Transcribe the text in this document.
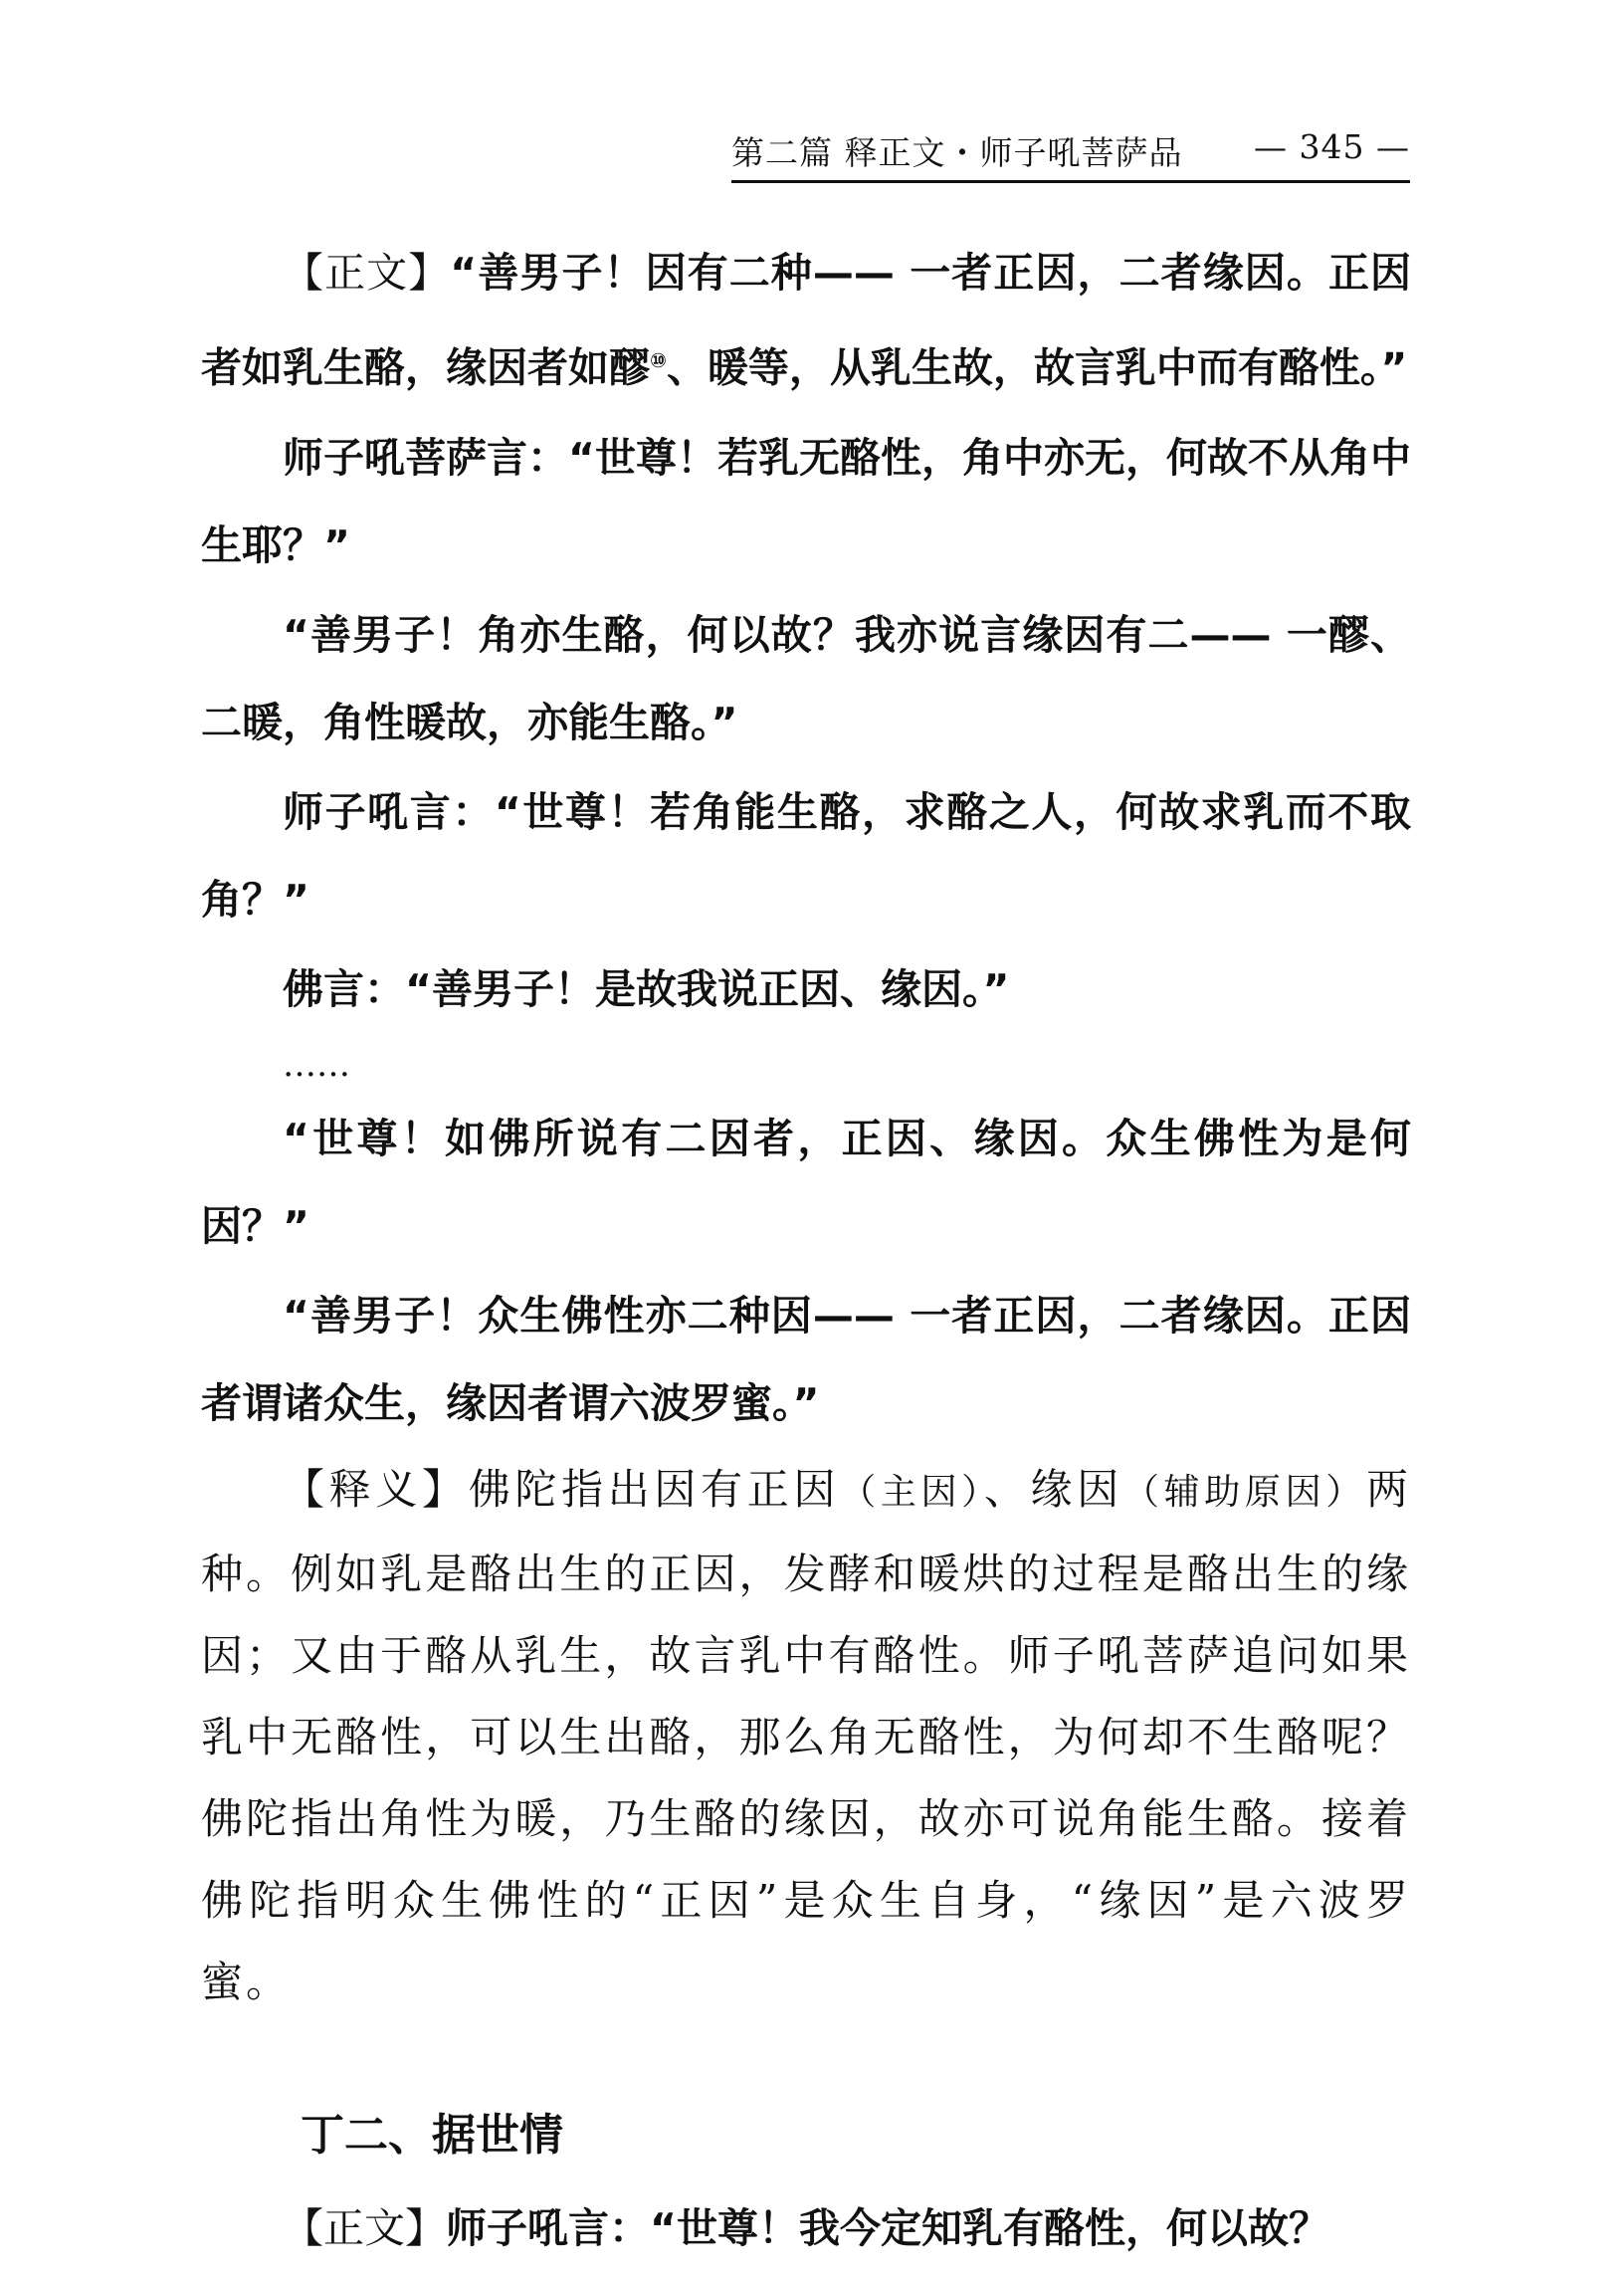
第二篇 释正文・师子吼菩萨品 — 345 —

【正文】“善男子！因有二种—— 一者正因，二者缘因。正因者如乳生酪，缘因者如醪⑩、暖等，从乳生故，故言乳中而有酪性。”

师子吼菩萨言：“世尊！若乳无酪性，角中亦无，何故不从角中生耶？”

“善男子！角亦生酪，何以故？我亦说言缘因有二—— 一醪、二暖，角性暖故，亦能生酪。”

师子吼言：“世尊！若角能生酪，求酪之人，何故求乳而不取角？”

佛言：“善男子！是故我说正因、缘因。”

……

“世尊！如佛所说有二因者，正因、缘因。众生佛性为是何因？”

“善男子！众生佛性亦二种因—— 一者正因，二者缘因。正因者谓诸众生，缘因者谓六波罗蜜。”

【释义】佛陀指出因有正因（主因）、缘因（辅助原因）两种。例如乳是酪出生的正因，发酵和暖烘的过程是酪出生的缘因；又由于酪从乳生，故言乳中有酪性。师子吼菩萨追问如果乳中无酪性，可以生出酪，那么角无酪性，为何却不生酪呢？佛陀指出角性为暖，乃生酪的缘因，故亦可说角能生酪。接着佛陀指明众生佛性的“正因”是众生自身，“缘因”是六波罗蜜。

丁二、据世情

【正文】师子吼言：“世尊！我今定知乳有酪性，何以故？
